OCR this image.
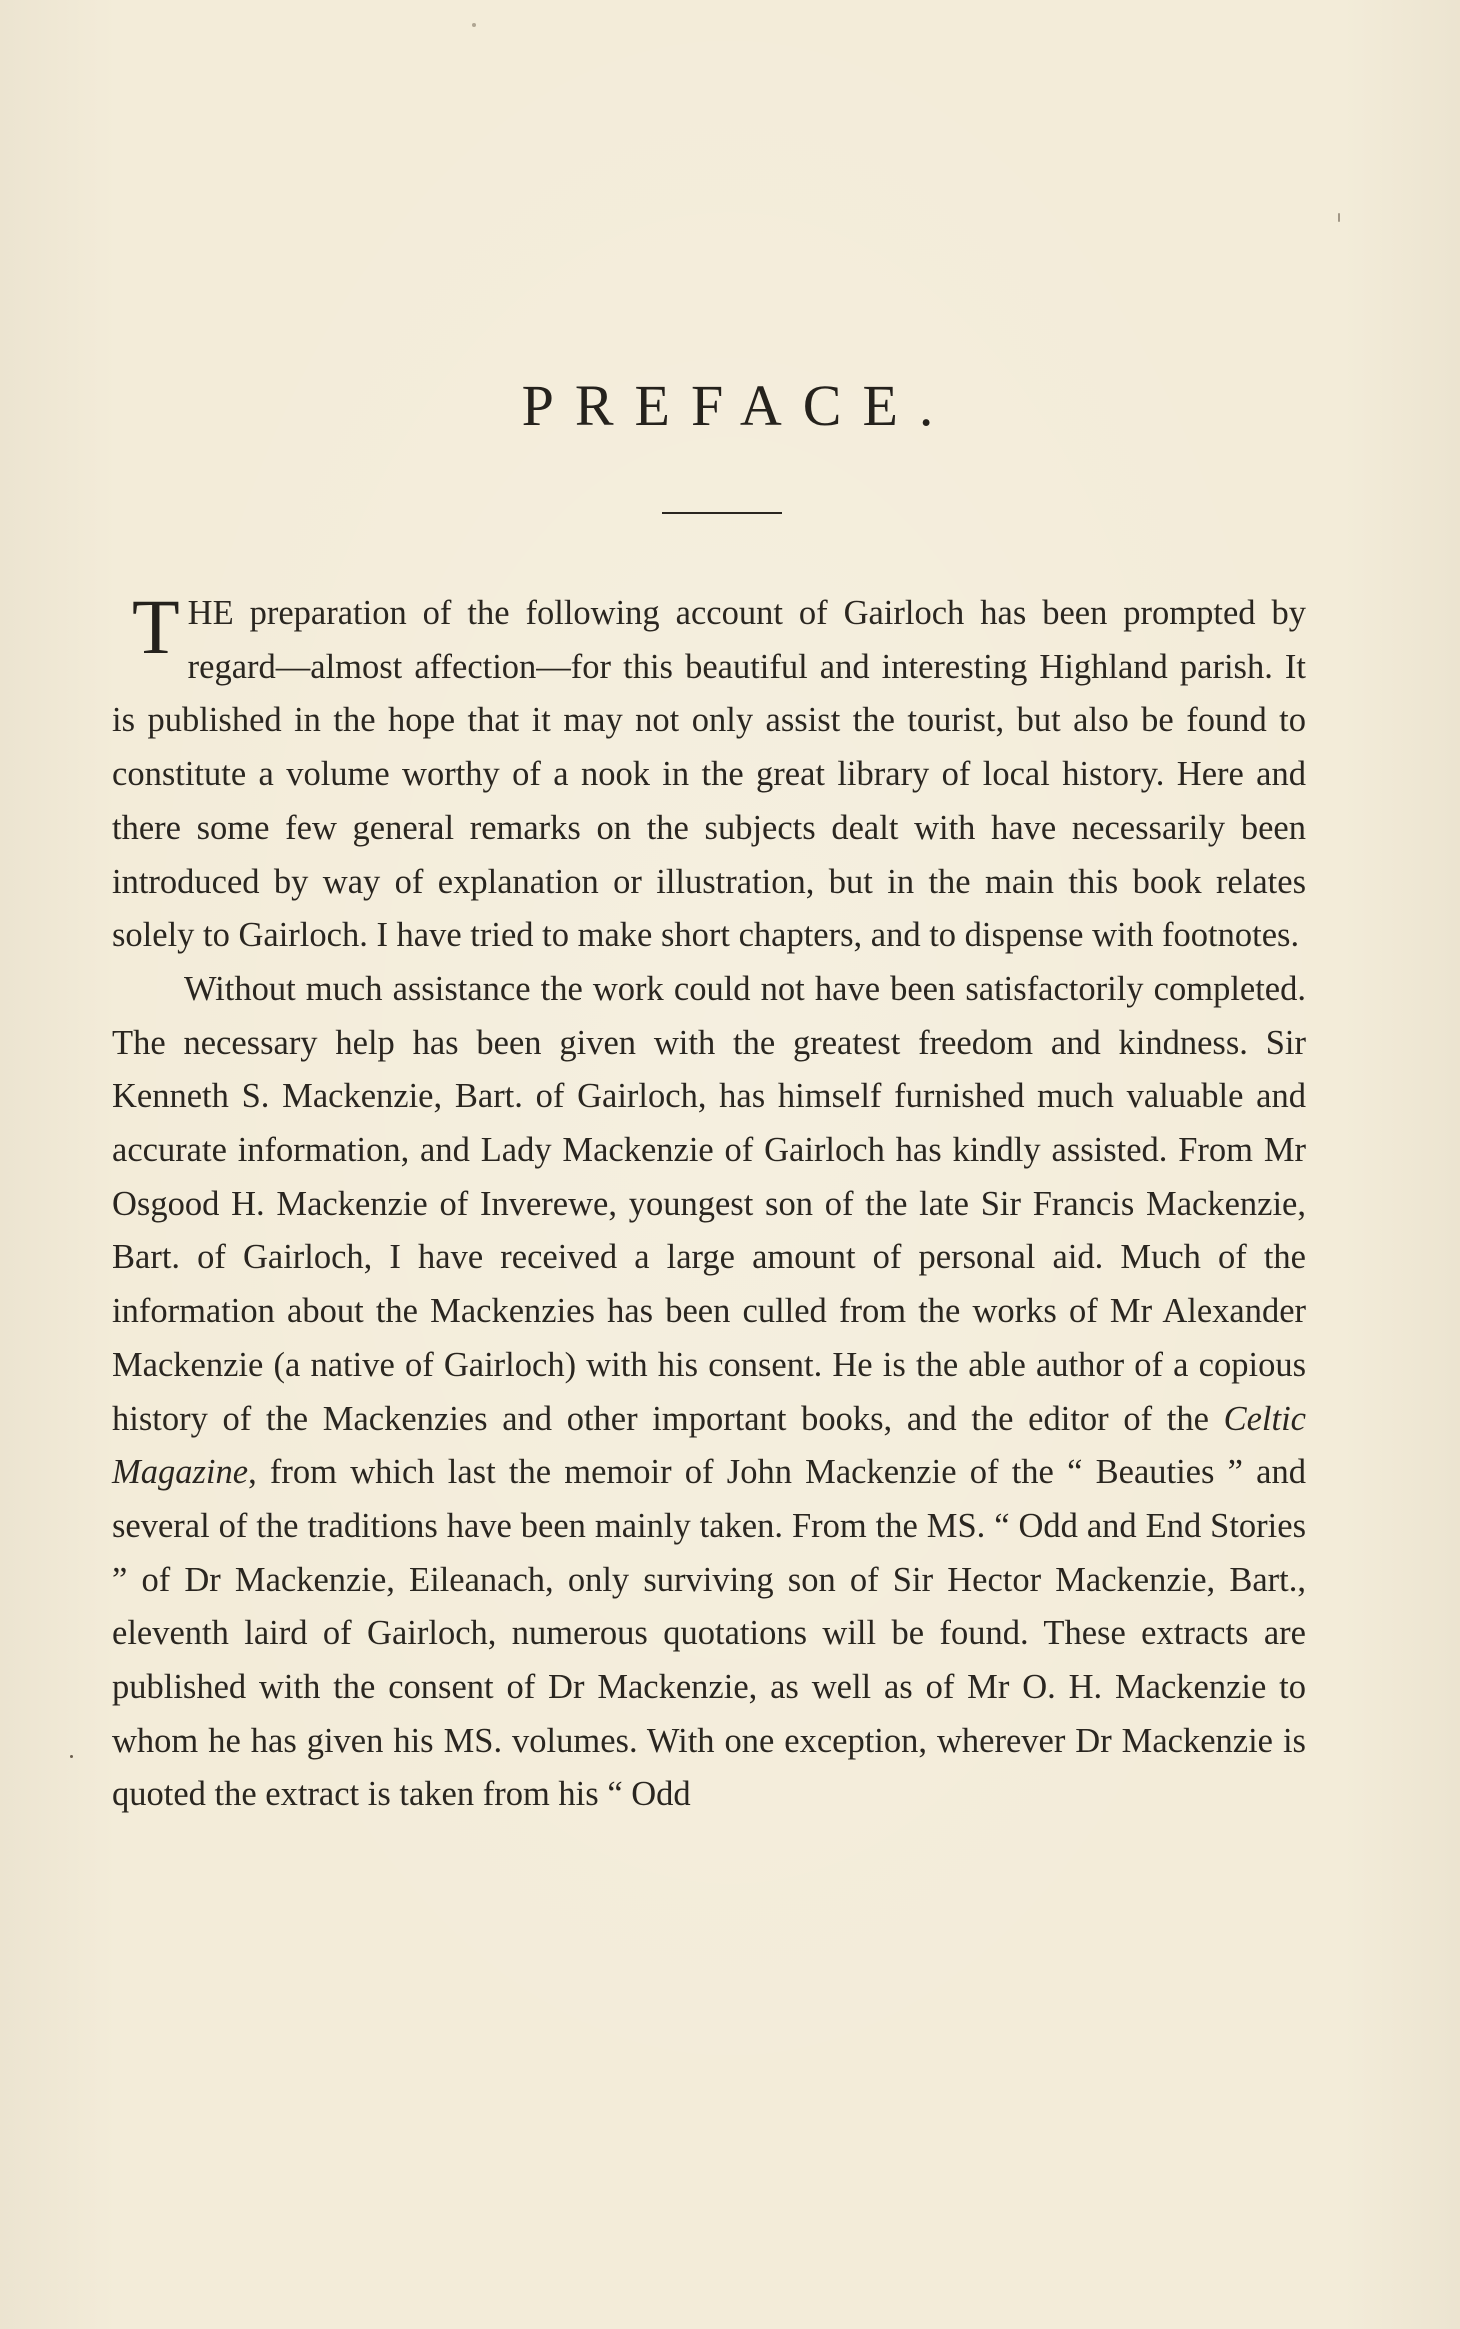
PREFACE.

THE preparation of the following account of Gairloch has been prompted by regard—almost affection—for this beautiful and interesting Highland parish. It is published in the hope that it may not only assist the tourist, but also be found to constitute a volume worthy of a nook in the great library of local history. Here and there some few general remarks on the subjects dealt with have necessarily been introduced by way of explanation or illustration, but in the main this book relates solely to Gairloch. I have tried to make short chapters, and to dispense with footnotes.

Without much assistance the work could not have been satisfactorily completed. The necessary help has been given with the greatest freedom and kindness. Sir Kenneth S. Mackenzie, Bart. of Gairloch, has himself furnished much valuable and accurate information, and Lady Mackenzie of Gairloch has kindly assisted. From Mr Osgood H. Mackenzie of Inverewe, youngest son of the late Sir Francis Mackenzie, Bart. of Gairloch, I have received a large amount of personal aid. Much of the information about the Mackenzies has been culled from the works of Mr Alexander Mackenzie (a native of Gairloch) with his consent. He is the able author of a copious history of the Mackenzies and other important books, and the editor of the Celtic Magazine, from which last the memoir of John Mackenzie of the “ Beauties ” and several of the traditions have been mainly taken. From the MS. “ Odd and End Stories ” of Dr Mackenzie, Eileanach, only surviving son of Sir Hector Mackenzie, Bart., eleventh laird of Gairloch, numerous quotations will be found. These extracts are published with the consent of Dr Mackenzie, as well as of Mr O. H. Mackenzie to whom he has given his MS. volumes. With one exception, wherever Dr Mackenzie is quoted the extract is taken from his “ Odd
